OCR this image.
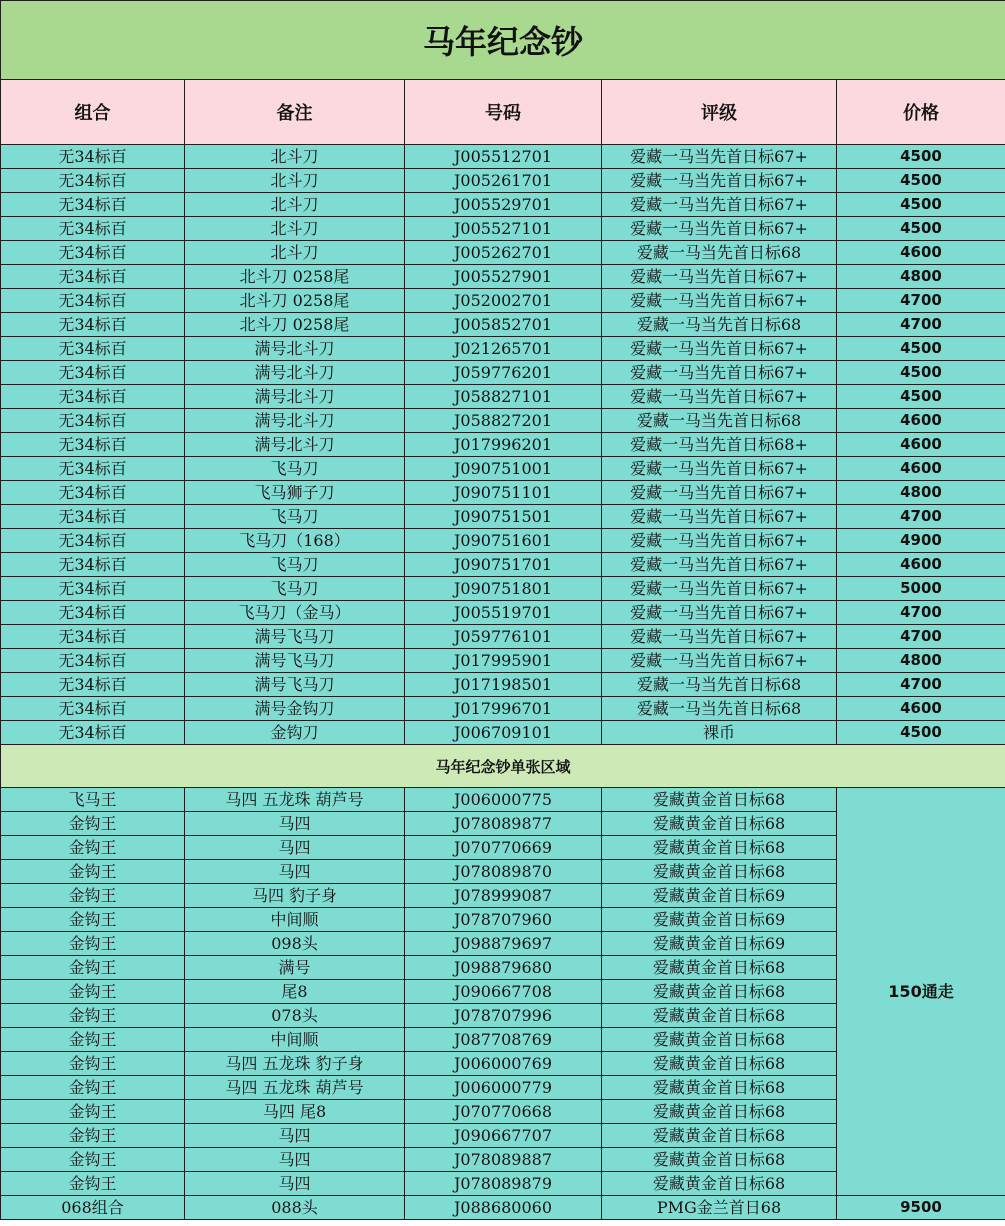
马年纪念钞				
组合	备注	号码	评级	价格
无34标百	北斗刀	J005512701	爱藏一马当先首日标67+	4500
无34标百	北斗刀	J005261701	爱藏一马当先首日标67+	4500
无34标百	北斗刀	J005529701	爱藏一马当先首日标67+	4500
无34标百	北斗刀	J005527101	爱藏一马当先首日标67+	4500
无34标百	北斗刀	J005262701	爱藏一马当先首日标68	4600
无34标百	北斗刀 0258尾	J005527901	爱藏一马当先首日标67+	4800
无34标百	北斗刀 0258尾	J052002701	爱藏一马当先首日标67+	4700
无34标百	北斗刀 0258尾	J005852701	爱藏一马当先首日标68	4700
无34标百	满号北斗刀	J021265701	爱藏一马当先首日标67+	4500
无34标百	满号北斗刀	J059776201	爱藏一马当先首日标67+	4500
无34标百	满号北斗刀	J058827101	爱藏一马当先首日标67+	4500
无34标百	满号北斗刀	J058827201	爱藏一马当先首日标68	4600
无34标百	满号北斗刀	J017996201	爱藏一马当先首日标68+	4600
无34标百	飞马刀	J090751001	爱藏一马当先首日标67+	4600
无34标百	飞马狮子刀	J090751101	爱藏一马当先首日标67+	4800
无34标百	飞马刀	J090751501	爱藏一马当先首日标67+	4700
无34标百	飞马刀（168）	J090751601	爱藏一马当先首日标67+	4900
无34标百	飞马刀	J090751701	爱藏一马当先首日标67+	4600
无34标百	飞马刀	J090751801	爱藏一马当先首日标67+	5000
无34标百	飞马刀（金马）	J005519701	爱藏一马当先首日标67+	4700
无34标百	满号飞马刀	J059776101	爱藏一马当先首日标67+	4700
无34标百	满号飞马刀	J017995901	爱藏一马当先首日标67+	4800
无34标百	满号飞马刀	J017198501	爱藏一马当先首日标68	4700
无34标百	满号金钩刀	J017996701	爱藏一马当先首日标68	4600
无34标百	金钩刀	J006709101	裸币	4500
马年纪念钞单张区域				
飞马王	马四 五龙珠 葫芦号	J006000775	爱藏黄金首日标68	150通走
金钩王	马四	J078089877	爱藏黄金首日标68	
金钩王	马四	J070770669	爱藏黄金首日标68	
金钩王	马四	J078089870	爱藏黄金首日标68	
金钩王	马四 豹子身	J078999087	爱藏黄金首日标69	
金钩王	中间顺	J078707960	爱藏黄金首日标69	
金钩王	098头	J098879697	爱藏黄金首日标69	
金钩王	满号	J098879680	爱藏黄金首日标68	
金钩王	尾8	J090667708	爱藏黄金首日标68	
金钩王	078头	J078707996	爱藏黄金首日标68	
金钩王	中间顺	J087708769	爱藏黄金首日标68	
金钩王	马四 五龙珠 豹子身	J006000769	爱藏黄金首日标68	
金钩王	马四 五龙珠 葫芦号	J006000779	爱藏黄金首日标68	
金钩王	马四 尾8	J070770668	爱藏黄金首日标68	
金钩王	马四	J090667707	爱藏黄金首日标68	
金钩王	马四	J078089887	爱藏黄金首日标68	
金钩王	马四	J078089879	爱藏黄金首日标68	
068组合	088头	J088680060	PMG金兰首日68	9500
